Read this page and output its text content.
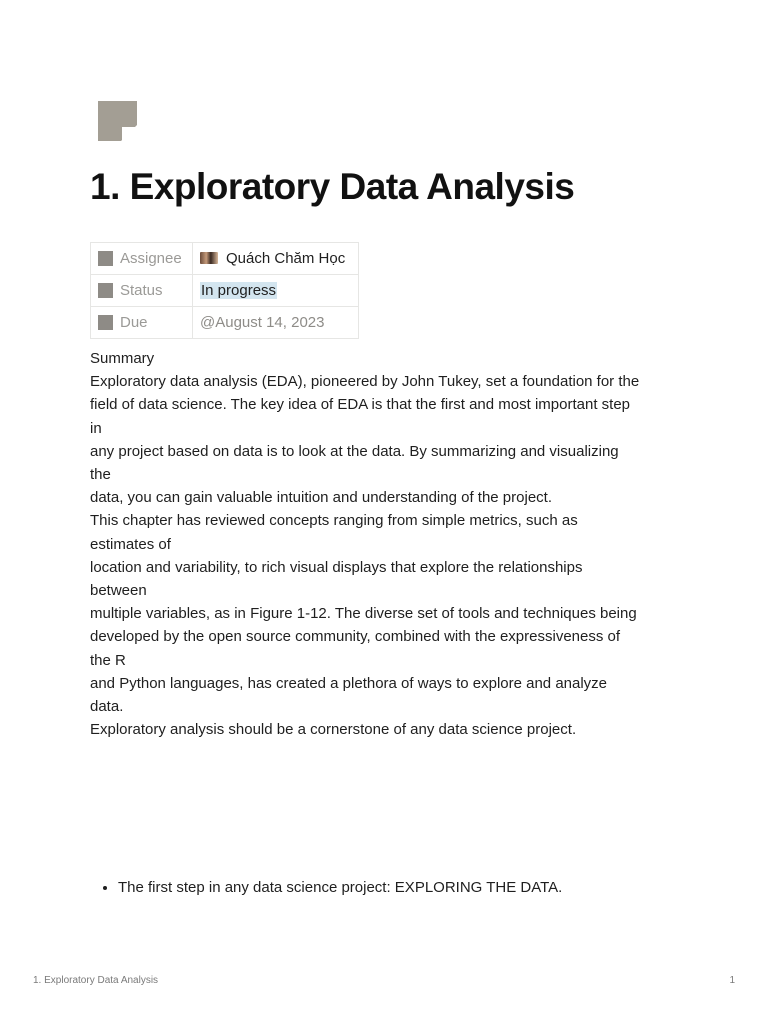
1. Exploratory Data Analysis
Assignee	Quách Chăm Học
Status	In progress
Due	@August 14, 2023
Summary
Exploratory data analysis (EDA), pioneered by John Tukey, set a foundation for the
field of data science. The key idea of EDA is that the first and most important step
in
any project based on data is to look at the data. By summarizing and visualizing
the
data, you can gain valuable intuition and understanding of the project.
This chapter has reviewed concepts ranging from simple metrics, such as
estimates of
location and variability, to rich visual displays that explore the relationships
between
multiple variables, as in Figure 1-12. The diverse set of tools and techniques being
developed by the open source community, combined with the expressiveness of
the R
and Python languages, has created a plethora of ways to explore and analyze
data.
Exploratory analysis should be a cornerstone of any data science project.
• The first step in any data science project: EXPLORING THE DATA.
1. Exploratory Data Analysis	1
